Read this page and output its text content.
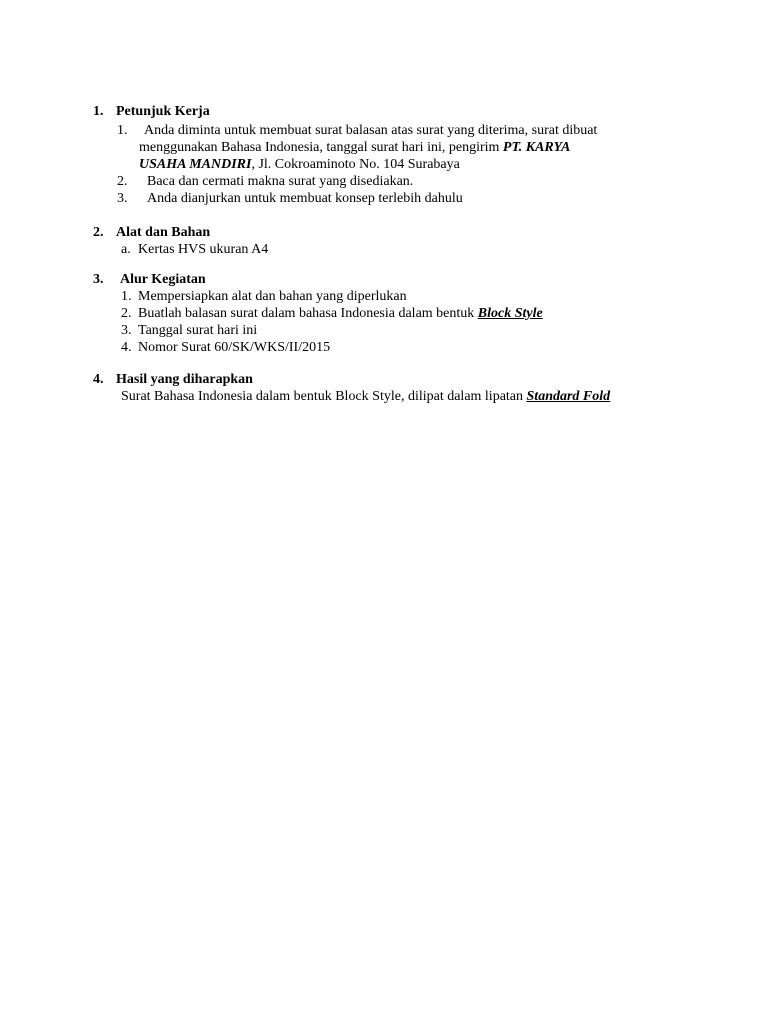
1. Petunjuk Kerja
1. Anda diminta untuk membuat surat balasan atas surat yang diterima, surat dibuat
menggunakan Bahasa Indonesia, tanggal surat hari ini, pengirim PT. KARYA
USAHA MANDIRI, Jl. Cokroaminoto No. 104 Surabaya
2. Baca dan cermati makna surat yang disediakan.
3. Anda dianjurkan untuk membuat konsep terlebih dahulu
2. Alat dan Bahan
a. Kertas HVS ukuran A4
3. Alur Kegiatan
1. Mempersiapkan alat dan bahan yang diperlukan
2. Buatlah balasan surat dalam bahasa Indonesia dalam bentuk Block Style
3. Tanggal surat hari ini
4. Nomor Surat 60/SK/WKS/II/2015
4. Hasil yang diharapkan
Surat Bahasa Indonesia dalam bentuk Block Style, dilipat dalam lipatan Standard Fold
